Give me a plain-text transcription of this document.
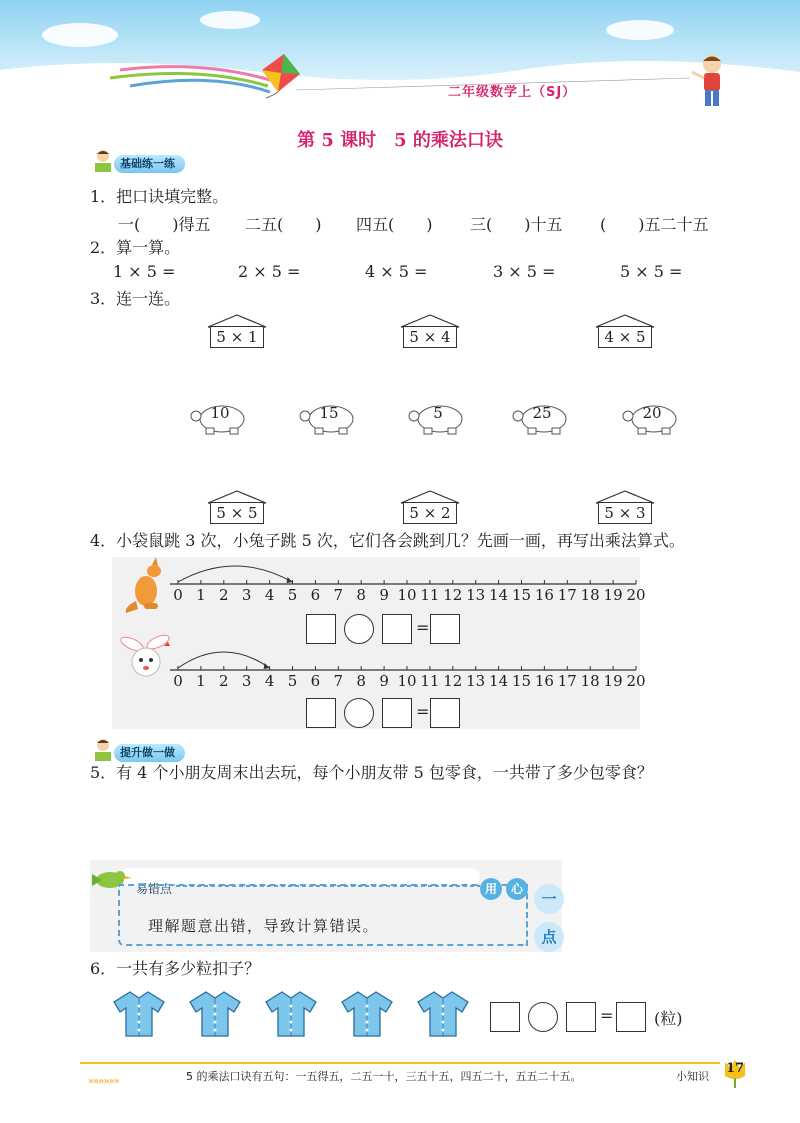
二年级数学上（SJ）
第 5 课时　5 的乘法口诀
基础练一练
1．把口诀填完整。
一(　　)得五 二五(　　) 四五(　　) 三(　　)十五 (　　)五二十五
2．算一算。
1 × 5 =	2 × 5 =	4 × 5 =	3 × 5 =	5 × 5 =
3．连一连。
5 × 1	5 × 4	4 × 5
10	15	5	25	20
5 × 5	5 × 2	5 × 3
4．小袋鼠跳 3 次，小兔子跳 5 次，它们各会跳到几？先画一画，再写出乘法算式。
0 1 2 3 4 5 6 7 8 9 10 11 12 13 14 15 16 17 18 19 20
=
0 1 2 3 4 5 6 7 8 9 10 11 12 13 14 15 16 17 18 19 20
=
提升做一做
5．有 4 个小朋友周末出去玩，每个小朋友带 5 包零食，一共带了多少包零食？
易错点
理解题意出错，导致计算错误。
用	心
一
点
6．一共有多少粒扣子？
=	(粒)
»»»»»»	5 的乘法口诀有五句：一五得五，二五一十，三五十五，四五二十，五五二十五。	小知识
17
